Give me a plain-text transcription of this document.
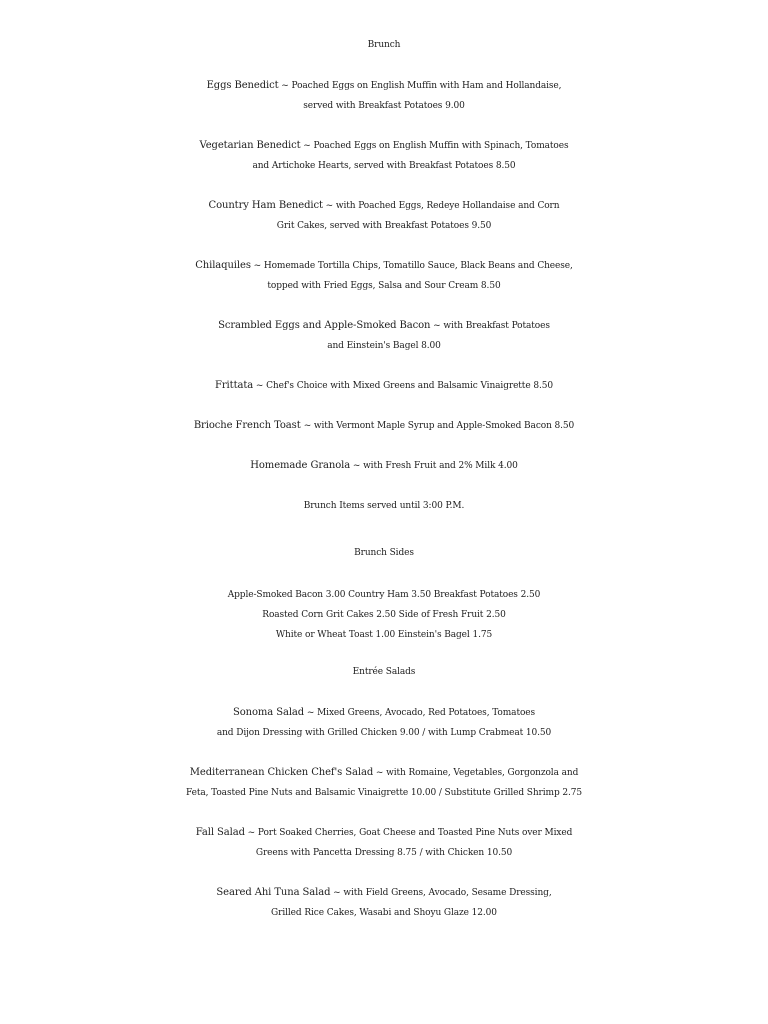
Brunch
Eggs Benedict ~ Poached Eggs on English Muffin with Ham and Hollandaise,
served with Breakfast Potatoes 9.00
Vegetarian Benedict ~ Poached Eggs on English Muffin with Spinach, Tomatoes
and Artichoke Hearts, served with Breakfast Potatoes 8.50
Country Ham Benedict ~ with Poached Eggs, Redeye Hollandaise and Corn
Grit Cakes, served with Breakfast Potatoes 9.50
Chilaquiles ~ Homemade Tortilla Chips, Tomatillo Sauce, Black Beans and Cheese,
topped with Fried Eggs, Salsa and Sour Cream 8.50
Scrambled Eggs and Apple-Smoked Bacon ~ with Breakfast Potatoes
and Einstein's Bagel 8.00
Frittata ~ Chef's Choice with Mixed Greens and Balsamic Vinaigrette 8.50
Brioche French Toast ~ with Vermont Maple Syrup and Apple-Smoked Bacon 8.50
Homemade Granola ~ with Fresh Fruit and 2% Milk 4.00
Brunch Items served until 3:00 P.M.
Brunch Sides
Apple-Smoked Bacon 3.00 Country Ham 3.50 Breakfast Potatoes 2.50
Roasted Corn Grit Cakes 2.50 Side of Fresh Fruit 2.50
White or Wheat Toast 1.00 Einstein's Bagel 1.75
Entrée Salads
Sonoma Salad ~ Mixed Greens, Avocado, Red Potatoes, Tomatoes
and Dijon Dressing with Grilled Chicken 9.00 / with Lump Crabmeat 10.50
Mediterranean Chicken Chef's Salad ~ with Romaine, Vegetables, Gorgonzola and
Feta, Toasted Pine Nuts and Balsamic Vinaigrette 10.00 / Substitute Grilled Shrimp 2.75
Fall Salad ~ Port Soaked Cherries, Goat Cheese and Toasted Pine Nuts over Mixed
Greens with Pancetta Dressing 8.75 / with Chicken 10.50
Seared Ahi Tuna Salad ~ with Field Greens, Avocado, Sesame Dressing,
Grilled Rice Cakes, Wasabi and Shoyu Glaze 12.00
